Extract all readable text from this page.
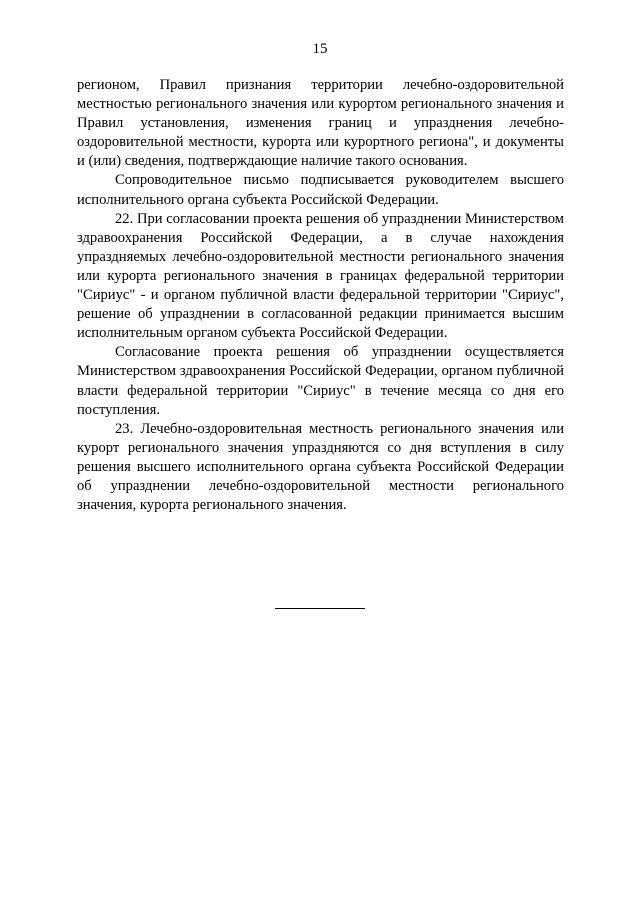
15

регионом, Правил признания территории лечебно-оздоровительной местностью регионального значения или курортом регионального значения и Правил установления, изменения границ и упразднения лечебно-оздоровительной местности, курорта или курортного региона", и документы и (или) сведения, подтверждающие наличие такого основания.

Сопроводительное письмо подписывается руководителем высшего исполнительного органа субъекта Российской Федерации.

22. При согласовании проекта решения об упразднении Министерством здравоохранения Российской Федерации, а в случае нахождения упраздняемых лечебно-оздоровительной местности регионального значения или курорта регионального значения в границах федеральной территории "Сириус" - и органом публичной власти федеральной территории "Сириус", решение об упразднении в согласованной редакции принимается высшим исполнительным органом субъекта Российской Федерации.

Согласование проекта решения об упразднении осуществляется Министерством здравоохранения Российской Федерации, органом публичной власти федеральной территории "Сириус" в течение месяца со дня его поступления.

23. Лечебно-оздоровительная местность регионального значения или курорт регионального значения упраздняются со дня вступления в силу решения высшего исполнительного органа субъекта Российской Федерации об упразднении лечебно-оздоровительной местности регионального значения, курорта регионального значения.
